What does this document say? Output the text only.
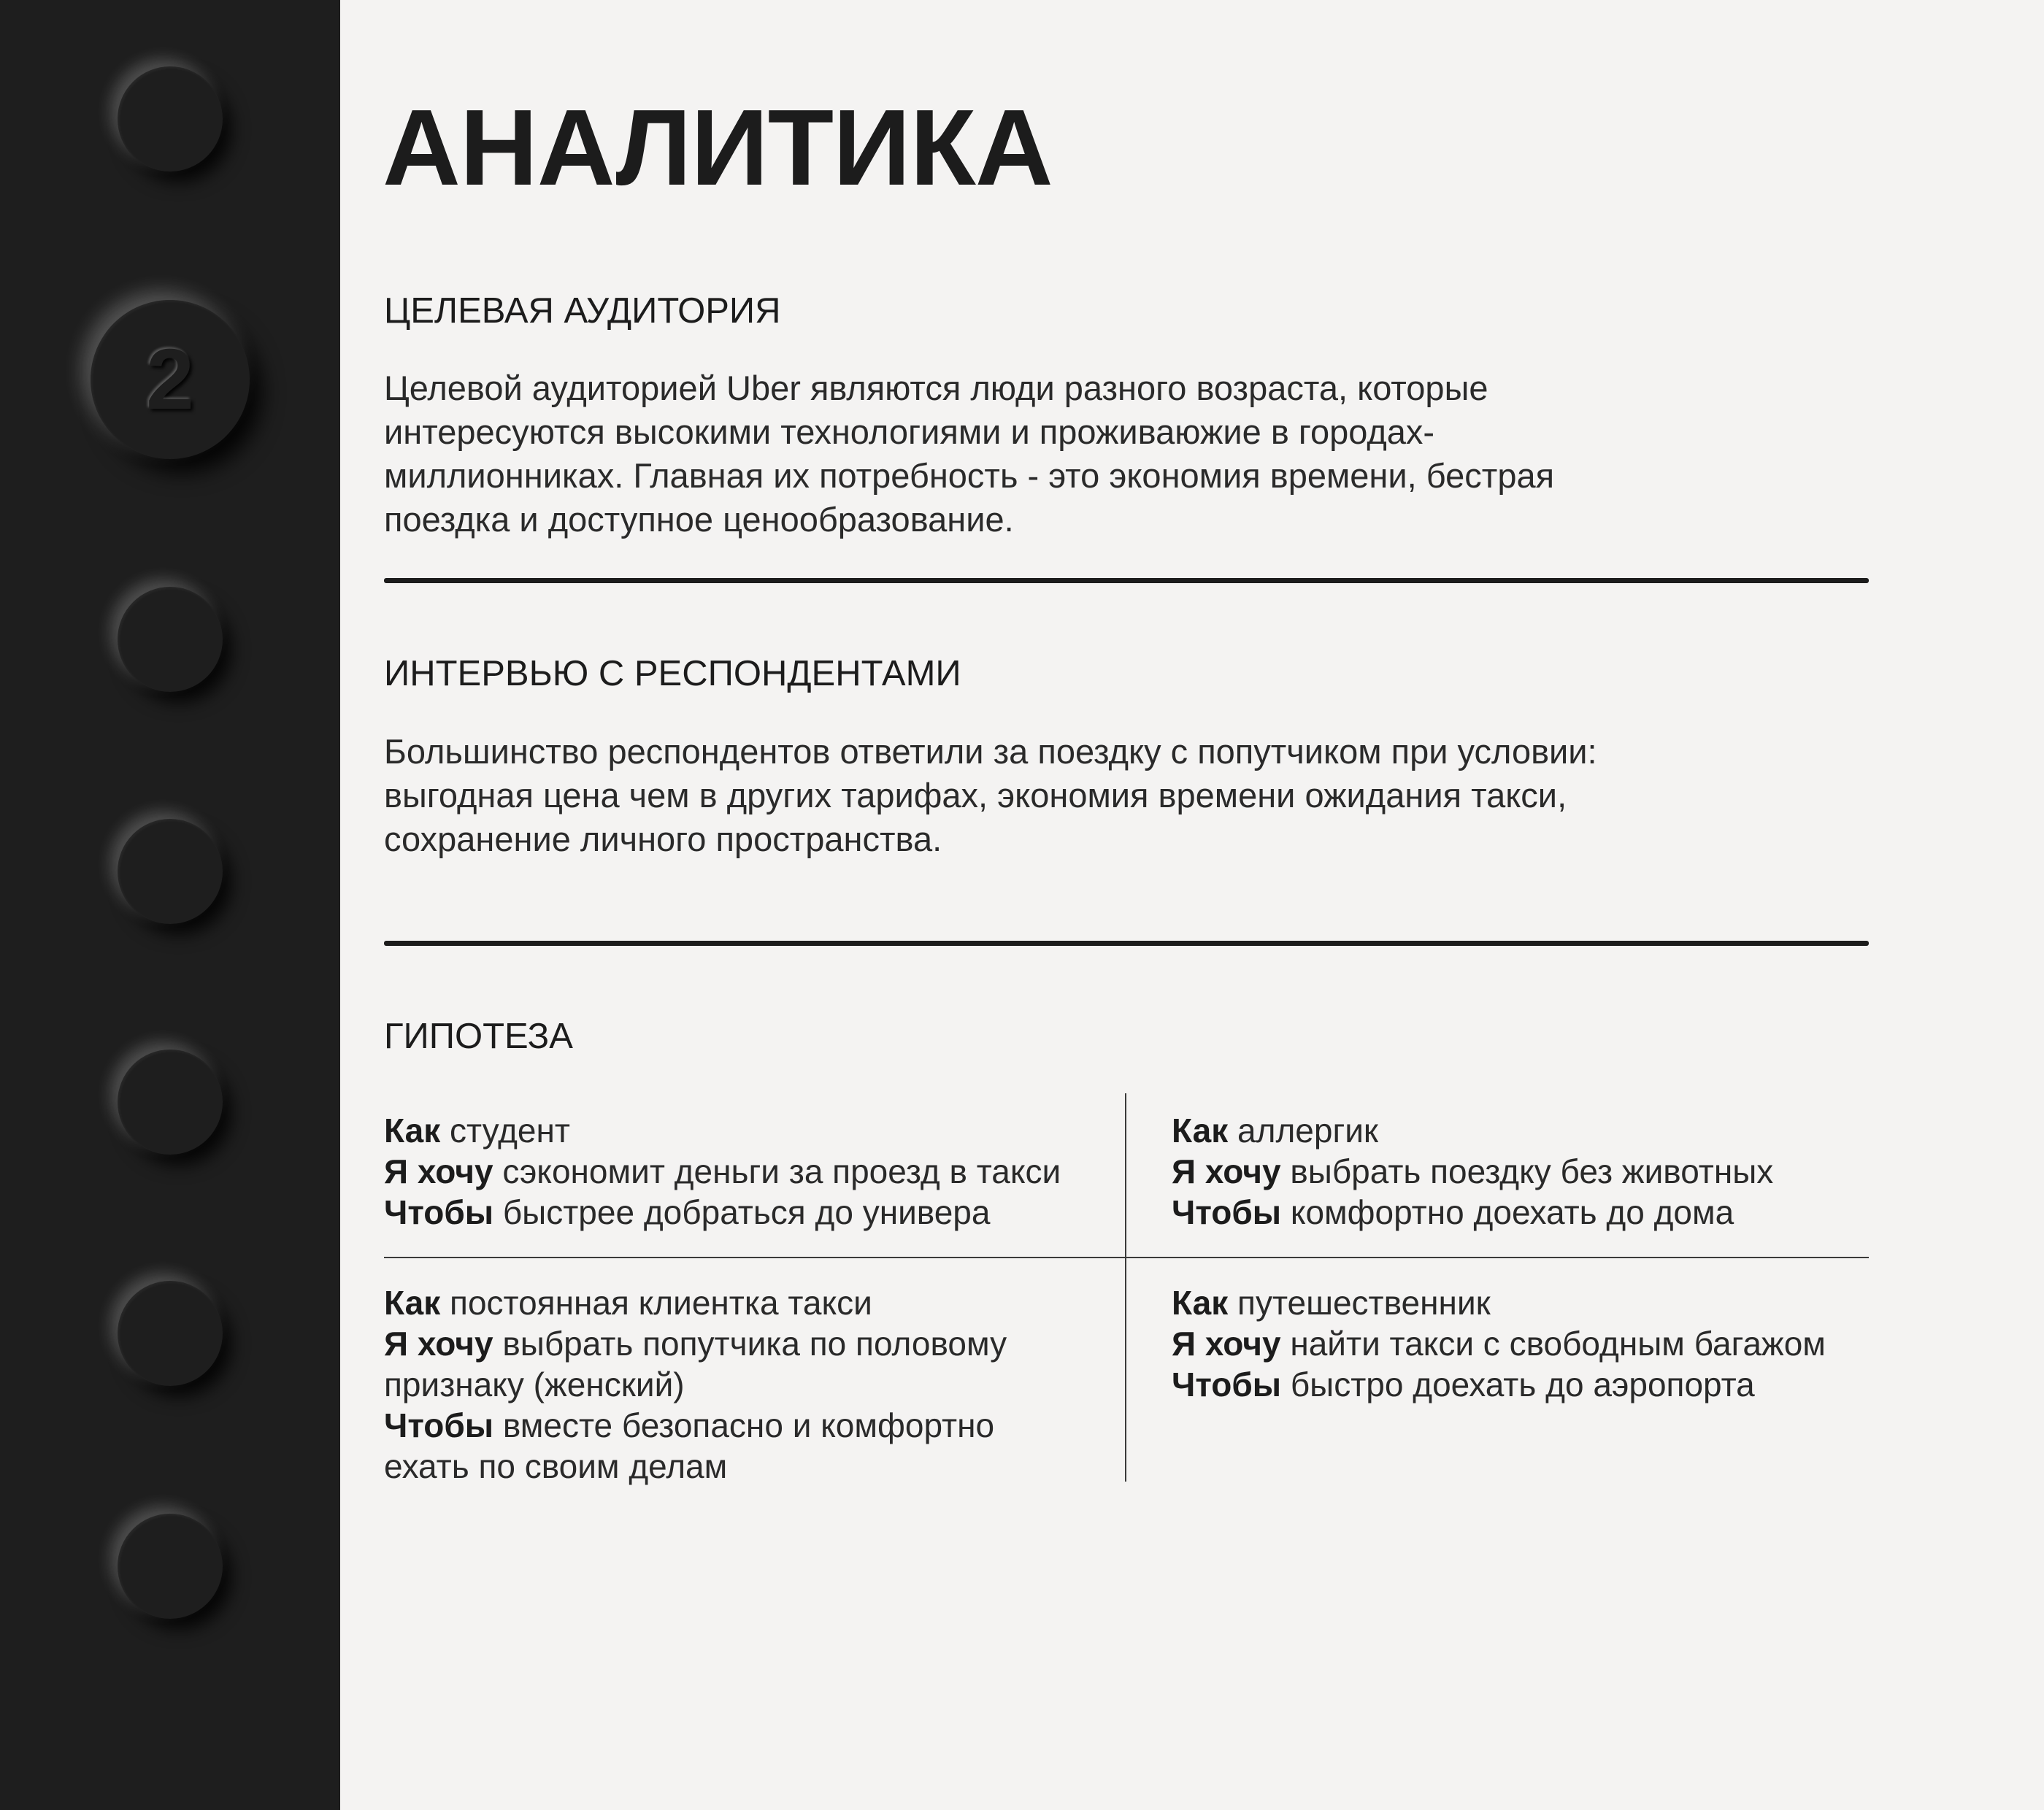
2
АНАЛИТИКА
ЦЕЛЕВАЯ АУДИТОРИЯ

Целевой аудиторией Uber являются люди разного возраста, которые интересуются высокими технологиями и проживаюжие в городах-миллионниках. Главная их потребность - это экономия времени, бестрая поездка и доступное ценообразование.

ИНТЕРВЬЮ С РЕСПОНДЕНТАМИ

Большинство респондентов ответили за поездку с попутчиком при условии: выгодная цена чем в других тарифах, экономия времени ожидания такси, сохранение личного пространства.

ГИПОТЕЗА

Как студент

Я хочу сэкономит деньги за проезд в такси

Чтобы быстрее добраться до универа

Как аллергик

Я хочу выбрать поездку без животных

Чтобы комфортно доехать до дома

Как постоянная клиентка такси

Я хочу выбрать попутчика по половому признаку (женский)

Чтобы вместе безопасно и комфортно ехать по своим делам

Как путешественник

Я хочу найти такси с свободным багажом

Чтобы быстро доехать до аэропорта
